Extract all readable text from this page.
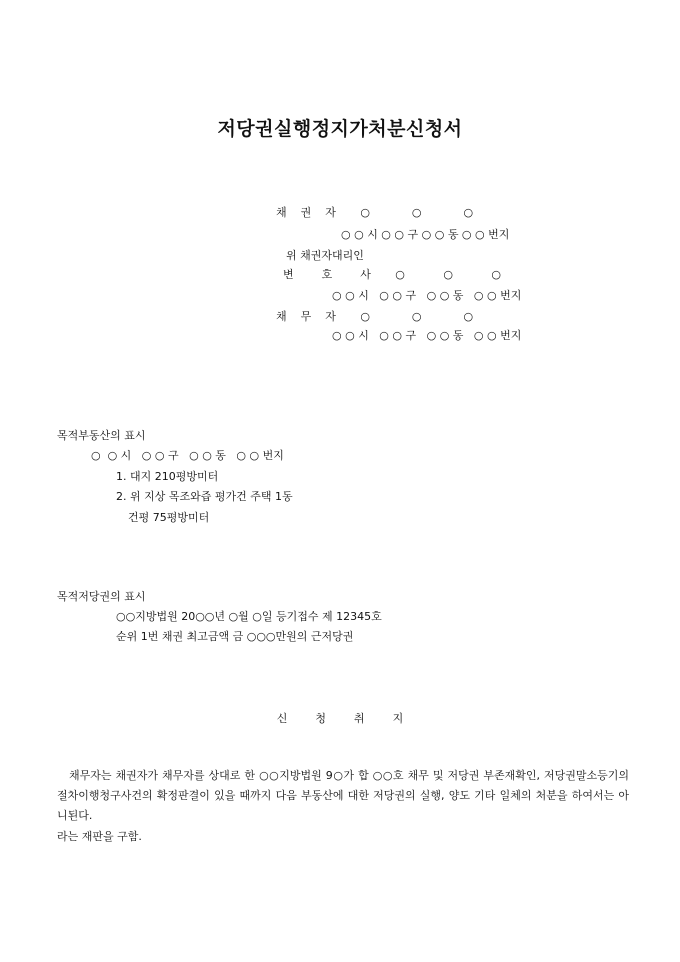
저당권실행정지가처분신청서
채    권    자       ○            ○            ○
○ ○ 시 ○ ○ 구 ○ ○ 동 ○ ○ 번지
위 채권자대리인
변        호        사       ○           ○           ○
○ ○ 시   ○ ○ 구   ○ ○ 동   ○ ○ 번지
채    무    자       ○            ○            ○
○ ○ 시   ○ ○ 구   ○ ○ 동   ○ ○ 번지
목적부동산의 표시
○  ○ 시   ○ ○ 구   ○ ○ 동   ○ ○ 번지
1. 대지 210평방미터
2. 위 지상 목조와즙 평가건 주택 1동
건평 75평방미터
목적저당권의 표시
○○지방법원 20○○년 ○월 ○일 등기접수 제 12345호
순위 1번 채권 최고금액 금 ○○○만원의 근저당권
신        청        취        지
채무자는 채권자가 채무자를 상대로 한 ○○지방법원 9○가 합 ○○호 채무 및 저당권 부존재확인, 저당권말소등기의 절차이행청구사건의 확정판결이 있을 때까지 다음 부동산에 대한 저당권의 실행, 양도 기타 일체의 처분을 하여서는 아니된다.
라는 재판을 구함.
